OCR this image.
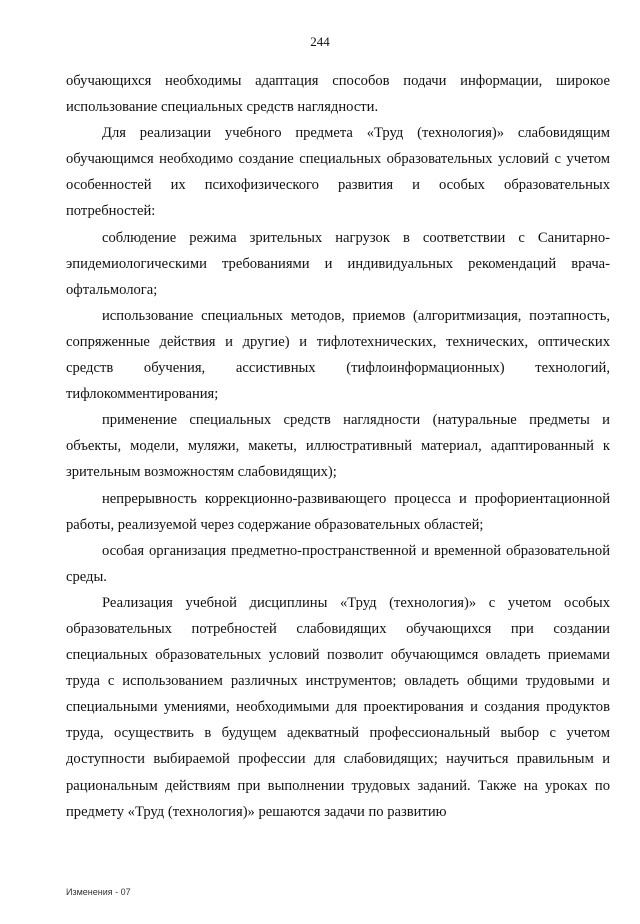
244

обучающихся необходимы адаптация способов подачи информации, широкое использование специальных средств наглядности.

Для реализации учебного предмета «Труд (технология)» слабовидящим обучающимся необходимо создание специальных образовательных условий с учетом особенностей их психофизического развития и особых образовательных потребностей:

соблюдение режима зрительных нагрузок в соответствии с Санитарно-эпидемиологическими требованиями и индивидуальных рекомендаций врача-офтальмолога;

использование специальных методов, приемов (алгоритмизация, поэтапность, сопряженные действия и другие) и тифлотехнических, технических, оптических средств обучения, ассистивных (тифлоинформационных) технологий, тифлокомментирования;

применение специальных средств наглядности (натуральные предметы и объекты, модели, муляжи, макеты, иллюстративный материал, адаптированный к зрительным возможностям слабовидящих);

непрерывность коррекционно-развивающего процесса и профориентационной работы, реализуемой через содержание образовательных областей;

особая организация предметно-пространственной и временной образовательной среды.

Реализация учебной дисциплины «Труд (технология)» с учетом особых образовательных потребностей слабовидящих обучающихся при создании специальных образовательных условий позволит обучающимся овладеть приемами труда с использованием различных инструментов; овладеть общими трудовыми и специальными умениями, необходимыми для проектирования и создания продуктов труда, осуществить в будущем адекватный профессиональный выбор с учетом доступности выбираемой профессии для слабовидящих; научиться правильным и рациональным действиям при выполнении трудовых заданий. Также на уроках по предмету «Труд (технология)» решаются задачи по развитию

Изменения - 07
